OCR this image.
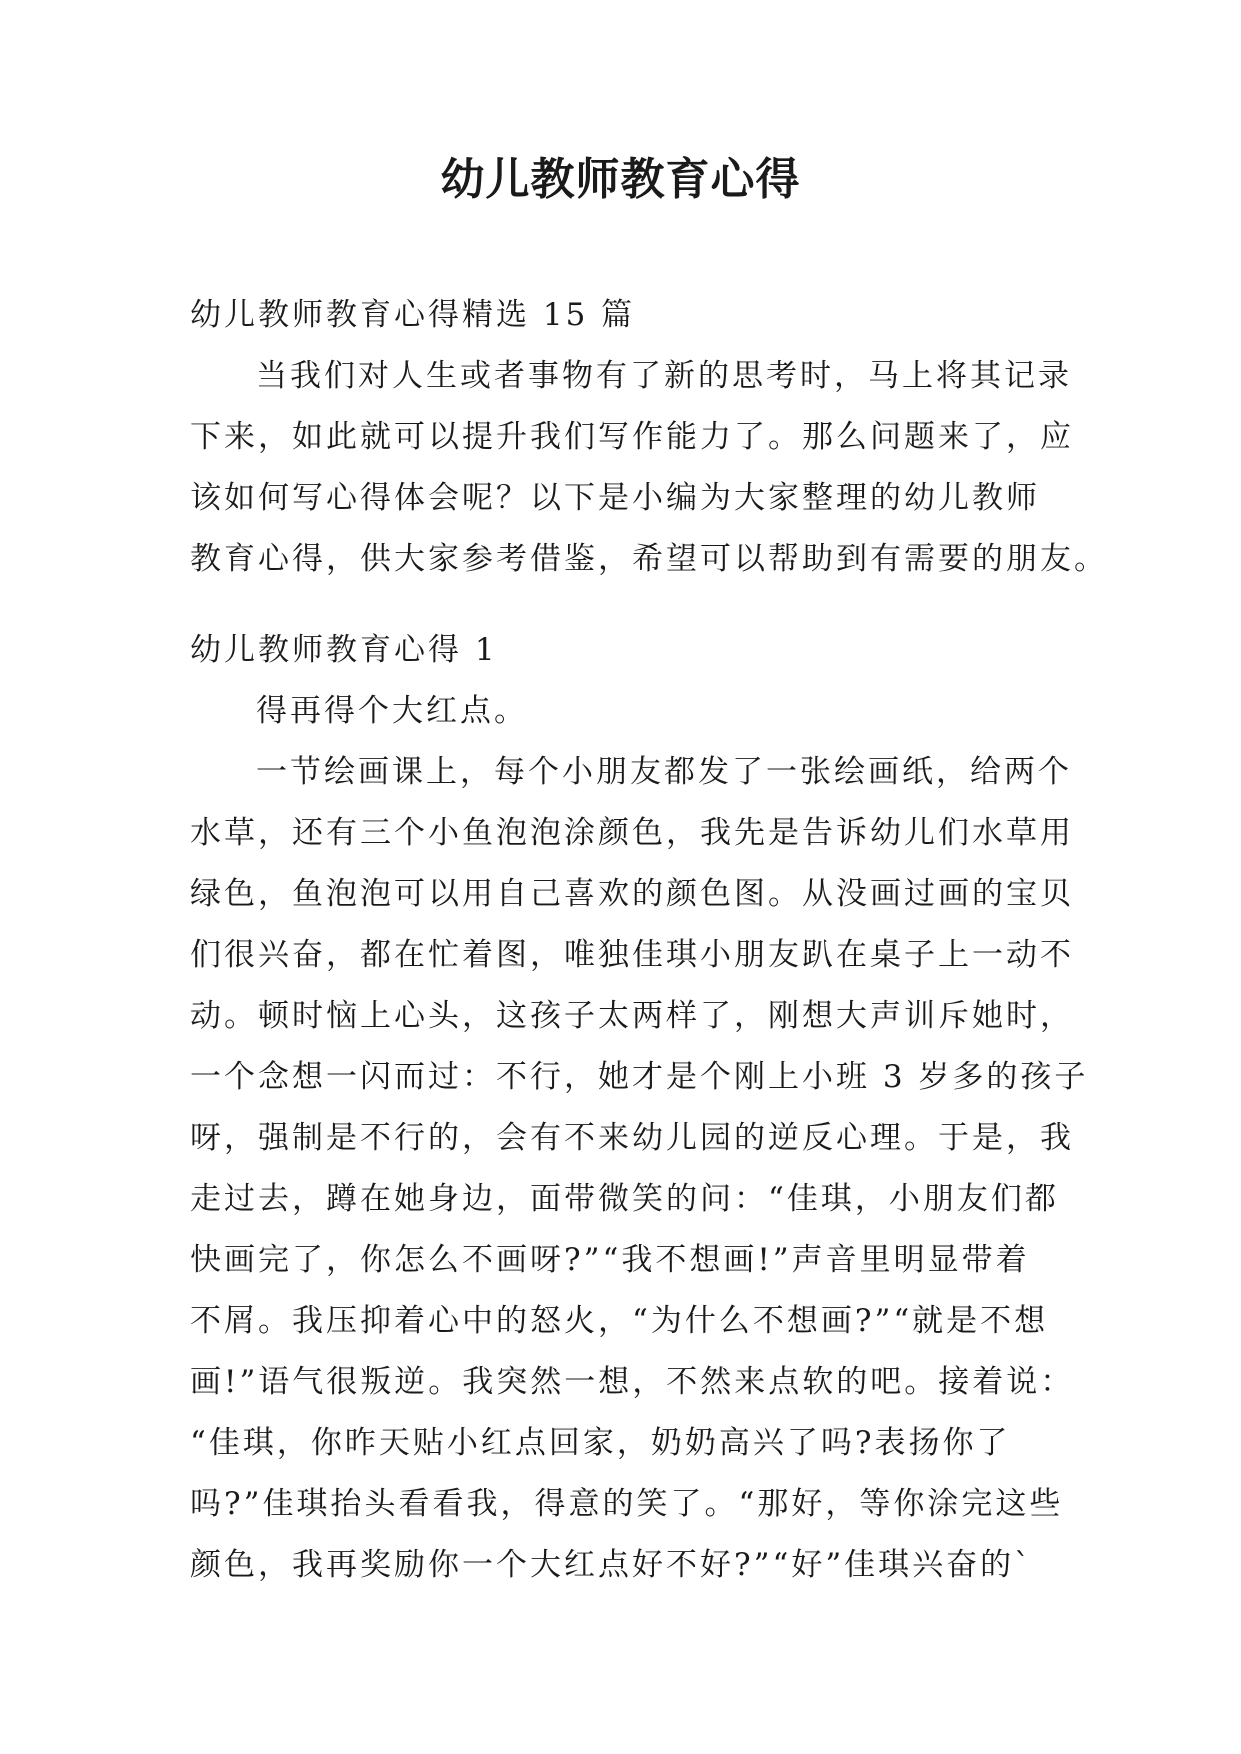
幼儿教师教育心得

幼儿教师教育心得精选 15 篇

当我们对人生或者事物有了新的思考时，马上将其记录

下来，如此就可以提升我们写作能力了。那么问题来了，应

该如何写心得体会呢？以下是小编为大家整理的幼儿教师

教育心得，供大家参考借鉴，希望可以帮助到有需要的朋友。

幼儿教师教育心得 1

得再得个大红点。

一节绘画课上，每个小朋友都发了一张绘画纸，给两个

水草，还有三个小鱼泡泡涂颜色，我先是告诉幼儿们水草用

绿色，鱼泡泡可以用自己喜欢的颜色图。从没画过画的宝贝

们很兴奋，都在忙着图，唯独佳琪小朋友趴在桌子上一动不

动。顿时恼上心头，这孩子太两样了，刚想大声训斥她时，

一个念想一闪而过：不行，她才是个刚上小班 3 岁多的孩子

呀，强制是不行的，会有不来幼儿园的逆反心理。于是，我

走过去，蹲在她身边，面带微笑的问：“佳琪，小朋友们都

快画完了，你怎么不画呀?”“我不想画!”声音里明显带着

不屑。我压抑着心中的怒火，“为什么不想画?”“就是不想

画!”语气很叛逆。我突然一想，不然来点软的吧。接着说：

“佳琪，你昨天贴小红点回家，奶奶高兴了吗?表扬你了

吗?”佳琪抬头看看我，得意的笑了。“那好，等你涂完这些

颜色，我再奖励你一个大红点好不好?”“好”佳琪兴奋的`
